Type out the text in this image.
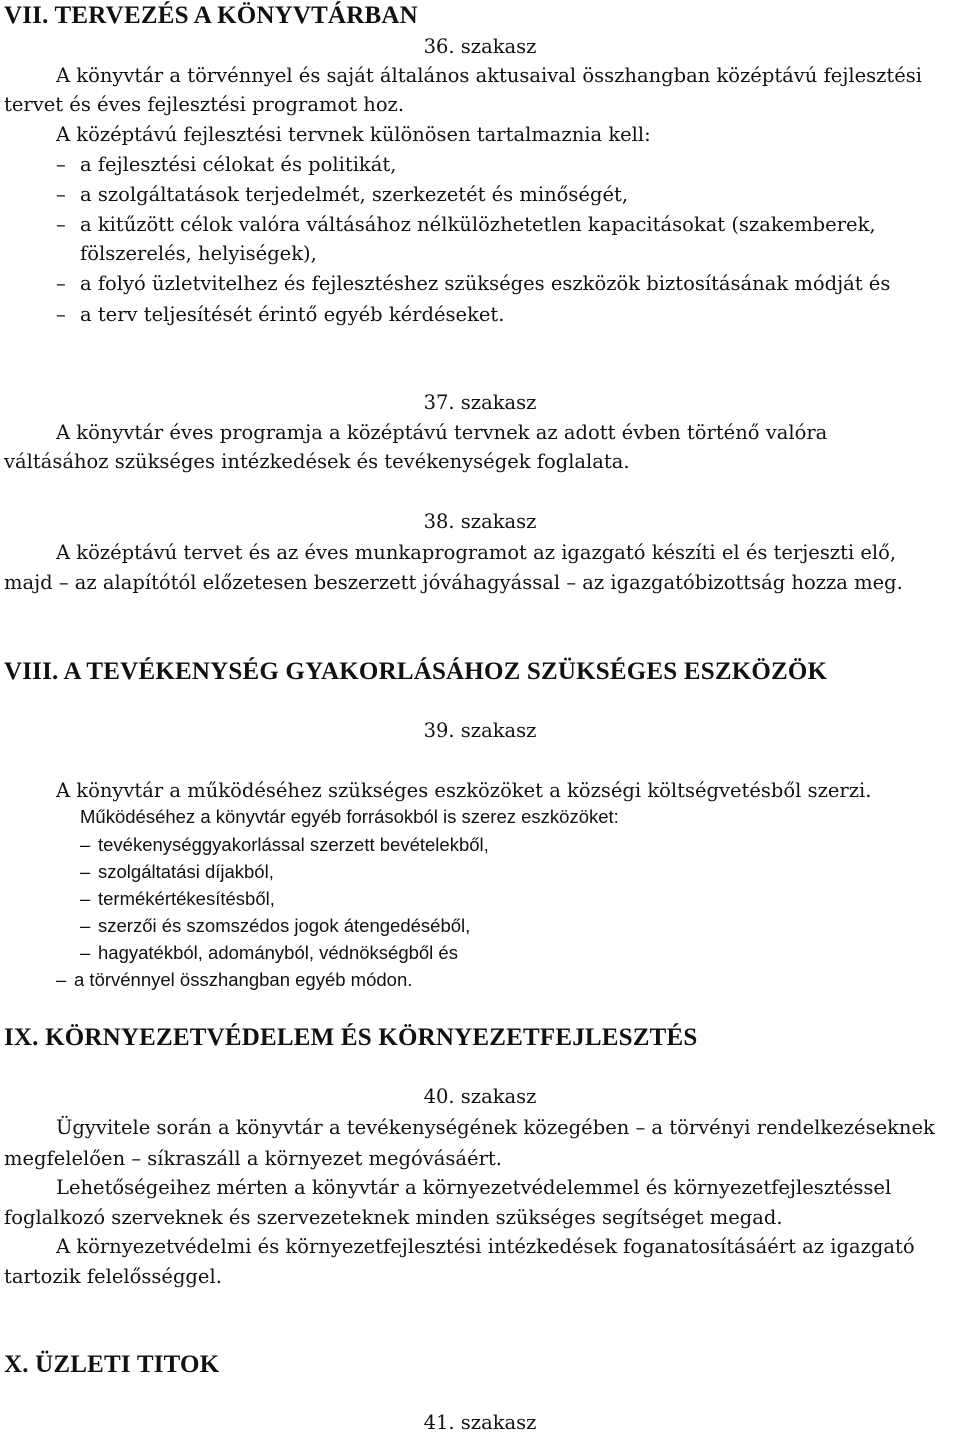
VII. TERVEZÉS A KÖNYVTÁRBAN
36. szakasz
A könyvtár a törvénnyel és saját általános aktusaival összhangban középtávú fejlesztési
tervet és éves fejlesztési programot hoz.
A középtávú fejlesztési tervnek különösen tartalmaznia kell:
– a fejlesztési célokat és politikát,
– a szolgáltatások terjedelmét, szerkezetét és minőségét,
– a kitűzött célok valóra váltásához nélkülözhetetlen kapacitásokat (szakemberek,
fölszerelés, helyiségek),
– a folyó üzletvitelhez és fejlesztéshez szükséges eszközök biztosításának módját és
– a terv teljesítését érintő egyéb kérdéseket.
37. szakasz
A könyvtár éves programja a középtávú tervnek az adott évben történő valóra
váltásához szükséges intézkedések és tevékenységek foglalata.
38. szakasz
A középtávú tervet és az éves munkaprogramot az igazgató készíti el és terjeszti elő,
majd – az alapítótól előzetesen beszerzett jóváhagyással – az igazgatóbizottság hozza meg.
VIII. A TEVÉKENYSÉG GYAKORLÁSÁHOZ SZÜKSÉGES ESZKÖZÖK
39. szakasz
A könyvtár a működéséhez szükséges eszközöket a községi költségvetésből szerzi.
Működéséhez a könyvtár egyéb forrásokból is szerez eszközöket:
– tevékenységgyakorlással szerzett bevételekből,
– szolgáltatási díjakból,
– termékértékesítésből,
– szerzői és szomszédos jogok átengedéséből,
– hagyatékból, adományból, védnökségből és
– a törvénnyel összhangban egyéb módon.
IX. KÖRNYEZETVÉDELEM ÉS KÖRNYEZETFEJLESZTÉS
40. szakasz
Ügyvitele során a könyvtár a tevékenységének közegében – a törvényi rendelkezéseknek
megfelelően – síkraszáll a környezet megóvásáért.
Lehetőségeihez mérten a könyvtár a környezetvédelemmel és környezetfejlesztéssel
foglalkozó szerveknek és szervezeteknek minden szükséges segítséget megad.
A környezetvédelmi és környezetfejlesztési intézkedések foganatosításáért az igazgató
tartozik felelősséggel.
X. ÜZLETI TITOK
41. szakasz
